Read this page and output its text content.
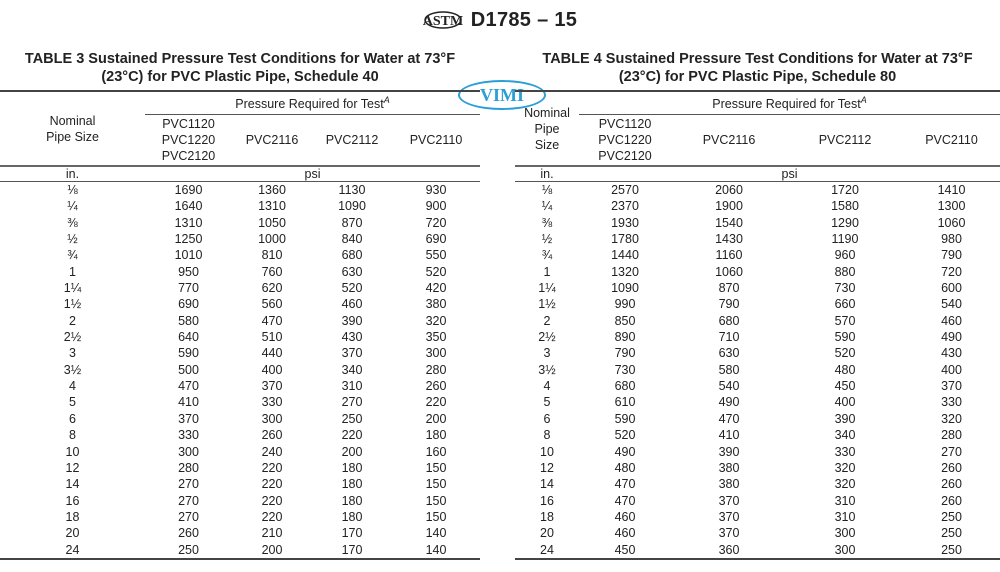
ASTM D1785 – 15
VIMI
TABLE 3 Sustained Pressure Test Conditions for Water at 73°F
(23°C) for PVC Plastic Pipe, Schedule 40
Nominal Pipe Size	Pressure Required for Test$^A$

	PVC1120
PVC1220
PVC2120	PVC2116	PVC2112	PVC2110
in.	psi			
⅛	1690	1360	1130	930
¼	1640	1310	1090	900
⅜	1310	1050	870	720
½	1250	1000	840	690
¾	1010	810	680	550
1	950	760	630	520
1¼	770	620	520	420
1½	690	560	460	380
2	580	470	390	320
2½	640	510	430	350
3	590	440	370	300
3½	500	400	340	280
4	470	370	310	260
5	410	330	270	220
6	370	300	250	200
8	330	260	220	180
10	300	240	200	160
12	280	220	180	150
14	270	220	180	150
16	270	220	180	150
18	270	220	180	150
20	260	210	170	140
24	250	200	170	140

TABLE 4 Sustained Pressure Test Conditions for Water at 73°F
(23°C) for PVC Plastic Pipe, Schedule 80
Nominal Pipe Size	Pressure Required for Test$^A$

	PVC1120
PVC1220
PVC2120	PVC2116	PVC2112	PVC2110
in.	psi			
⅛	2570	2060	1720	1410
¼	2370	1900	1580	1300
⅜	1930	1540	1290	1060
½	1780	1430	1190	980
¾	1440	1160	960	790
1	1320	1060	880	720
1¼	1090	870	730	600
1½	990	790	660	540
2	850	680	570	460
2½	890	710	590	490
3	790	630	520	430
3½	730	580	480	400
4	680	540	450	370
5	610	490	400	330
6	590	470	390	320
8	520	410	340	280
10	490	390	330	270
12	480	380	320	260
14	470	380	320	260
16	470	370	310	260
18	460	370	310	250
20	460	370	300	250
24	450	360	300	250
